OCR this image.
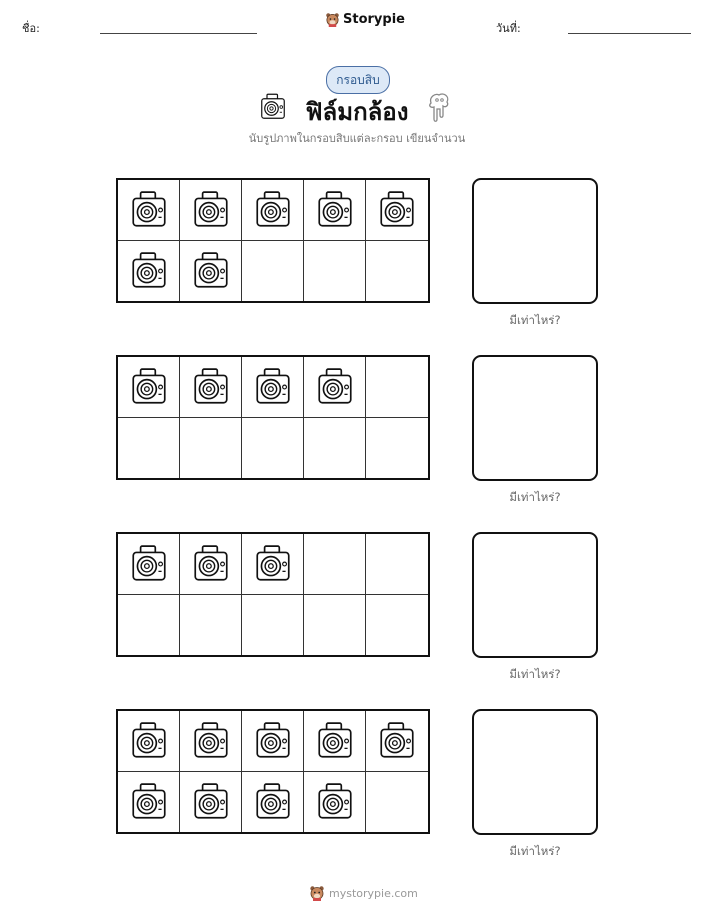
ชื่อ:
Storypie
วันที่:
กรอบสิบ
ฟิล์มกล้อง
นับรูปภาพในกรอบสิบแต่ละกรอบ เขียนจำนวน
มีเท่าไหร่?
มีเท่าไหร่?
มีเท่าไหร่?
มีเท่าไหร่?
mystorypie.com
